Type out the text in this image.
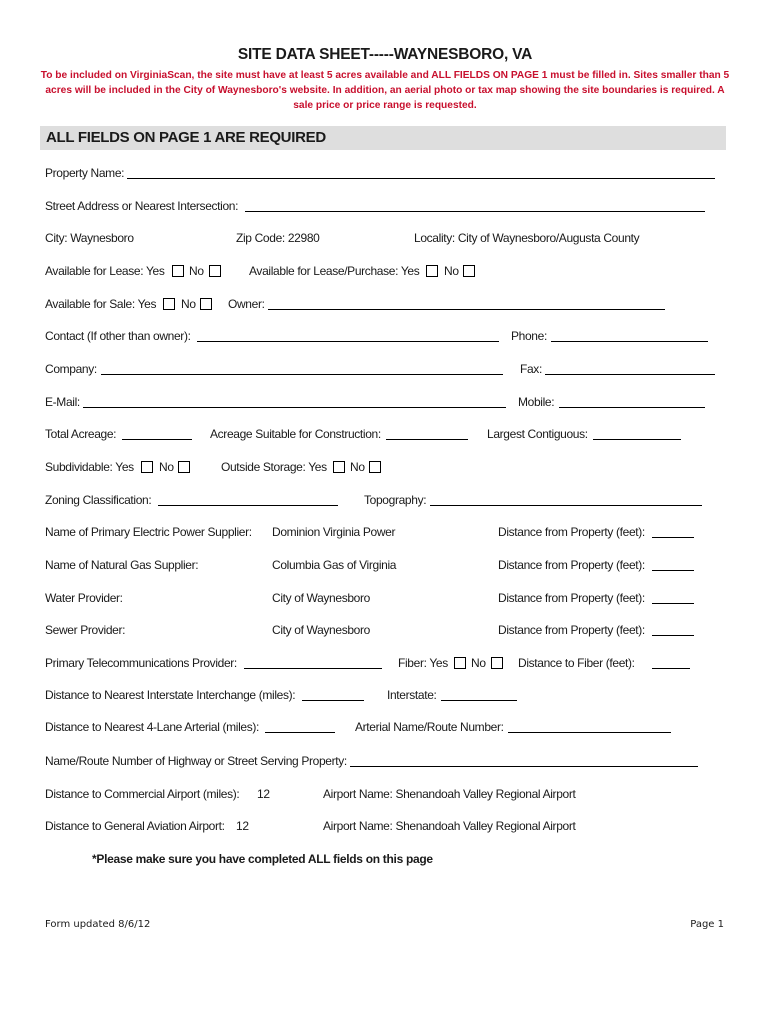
SITE DATA SHEET-----WAYNESBORO, VA
To be included on VirginiaScan, the site must have at least 5 acres available and ALL FIELDS ON PAGE 1 must be filled in. Sites smaller than 5 acres will be included in the City of Waynesboro's website. In addition, an aerial photo or tax map showing the site boundaries is required. A sale price or price range is requested.
ALL FIELDS ON PAGE 1 ARE REQUIRED
Property Name:
Street Address or Nearest Intersection:
City: Waynesboro	Zip Code: 22980	Locality: City of Waynesboro/Augusta County
Available for Lease: Yes No	Available for Lease/Purchase: Yes No
Available for Sale: Yes No	Owner:
Contact (If other than owner):	Phone:
Company:	Fax:
E-Mail:	Mobile:
Total Acreage:	Acreage Suitable for Construction:	Largest Contiguous:
Subdividable: Yes No	Outside Storage: Yes No
Zoning Classification:	Topography:
Name of Primary Electric Power Supplier: Dominion Virginia Power	Distance from Property (feet):
Name of Natural Gas Supplier:	Columbia Gas of Virginia	Distance from Property (feet):
Water Provider:	City of Waynesboro	Distance from Property (feet):
Sewer Provider:	City of Waynesboro	Distance from Property (feet):
Primary Telecommunications Provider:	Fiber: Yes No	Distance to Fiber (feet):
Distance to Nearest Interstate Interchange (miles):	Interstate:
Distance to Nearest 4-Lane Arterial (miles):	Arterial Name/Route Number:
Name/Route Number of Highway or Street Serving Property:
Distance to Commercial Airport (miles): 12	Airport Name: Shenandoah Valley Regional Airport
Distance to General Aviation Airport: 12	Airport Name: Shenandoah Valley Regional Airport
*Please make sure you have completed ALL fields on this page
Form updated 8/6/12	Page 1
